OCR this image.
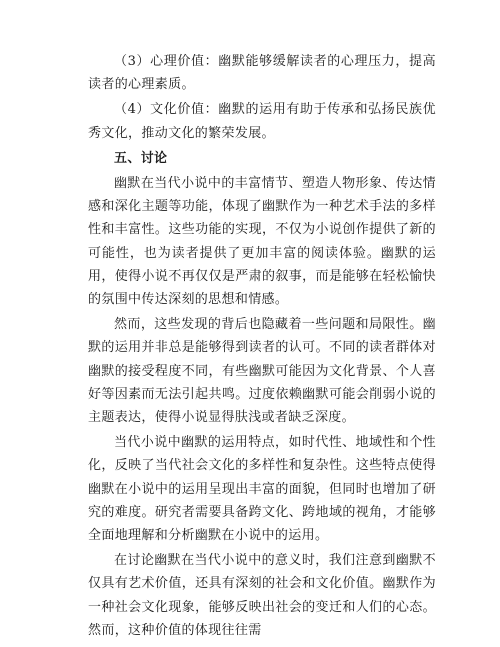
（3）心理价值：幽默能够缓解读者的心理压力，提高读者的心理素质。

（4）文化价值：幽默的运用有助于传承和弘扬民族优秀文化，推动文化的繁荣发展。

五、讨论

幽默在当代小说中的丰富情节、塑造人物形象、传达情感和深化主题等功能，体现了幽默作为一种艺术手法的多样性和丰富性。这些功能的实现，不仅为小说创作提供了新的可能性，也为读者提供了更加丰富的阅读体验。幽默的运用，使得小说不再仅仅是严肃的叙事，而是能够在轻松愉快的氛围中传达深刻的思想和情感。

然而，这些发现的背后也隐藏着一些问题和局限性。幽默的运用并非总是能够得到读者的认可。不同的读者群体对幽默的接受程度不同，有些幽默可能因为文化背景、个人喜好等因素而无法引起共鸣。过度依赖幽默可能会削弱小说的主题表达，使得小说显得肤浅或者缺乏深度。

当代小说中幽默的运用特点，如时代性、地域性和个性化，反映了当代社会文化的多样性和复杂性。这些特点使得幽默在小说中的运用呈现出丰富的面貌，但同时也增加了研究的难度。研究者需要具备跨文化、跨地域的视角，才能够全面地理解和分析幽默在小说中的运用。

在讨论幽默在当代小说中的意义时，我们注意到幽默不仅具有艺术价值，还具有深刻的社会和文化价值。幽默作为一种社会文化现象，能够反映出社会的变迁和人们的心态。然而，这种价值的体现往往需
